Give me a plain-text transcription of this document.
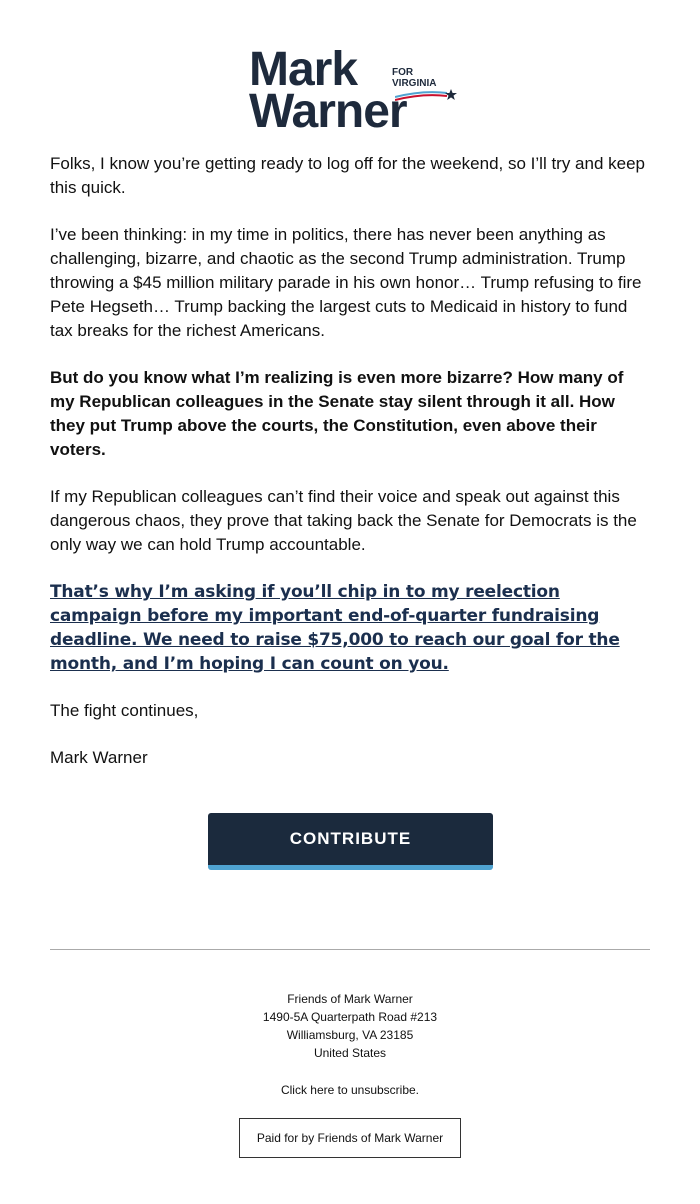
Mark	FOR
VIRGINIA
Warner

Folks, I know you’re getting ready to log off for the weekend, so I’ll try and keep this quick.

I’ve been thinking: in my time in politics, there has never been anything as challenging, bizarre, and chaotic as the second Trump administration. Trump throwing a $45 million military parade in his own honor… Trump refusing to fire Pete Hegseth… Trump backing the largest cuts to Medicaid in history to fund tax breaks for the richest Americans.

But do you know what I’m realizing is even more bizarre? How many of my Republican colleagues in the Senate stay silent through it all. How they put Trump above the courts, the Constitution, even above their voters.

If my Republican colleagues can’t find their voice and speak out against this dangerous chaos, they prove that taking back the Senate for Democrats is the only way we can hold Trump accountable.

That’s why I’m asking if you’ll chip in to my reelection campaign before my important end-of-quarter fundraising deadline. We need to raise $75,000 to reach our goal for the month, and I’m hoping I can count on you.

The fight continues,

Mark Warner

CONTRIBUTE
Friends of Mark Warner
1490-5A Quarterpath Road #213
Williamsburg, VA 23185
United States
Click here to unsubscribe.
Paid for by Friends of Mark Warner
